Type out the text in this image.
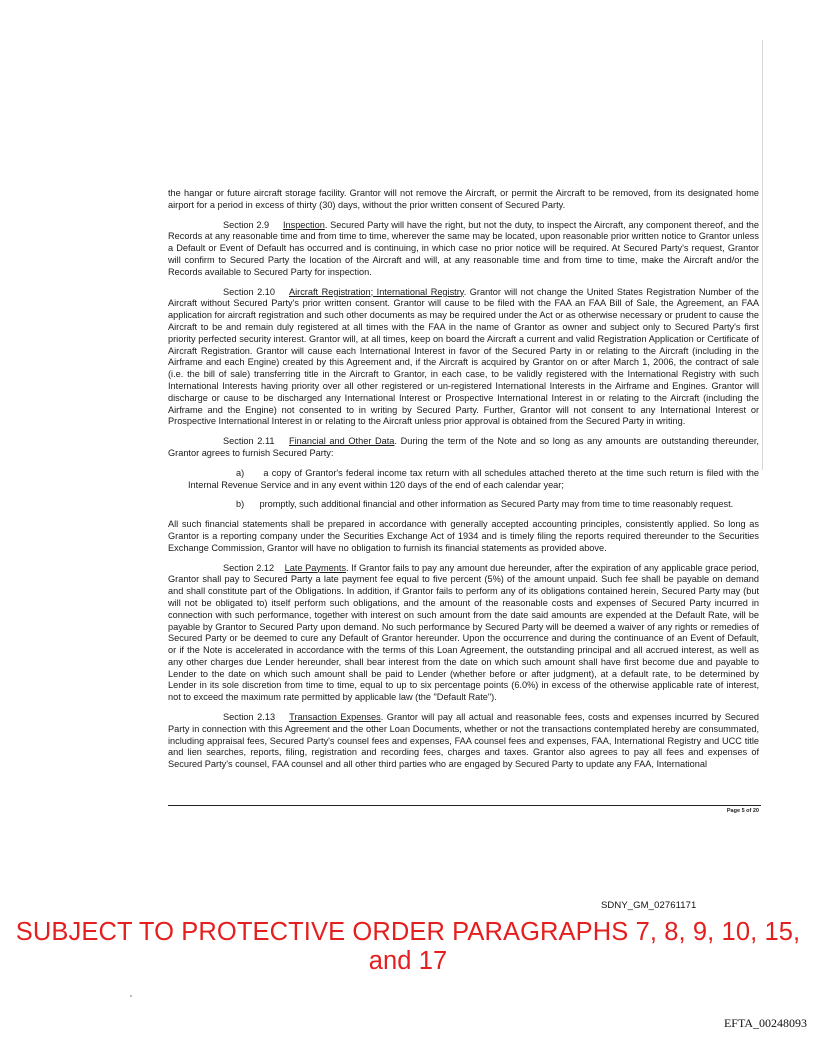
the hangar or future aircraft storage facility. Grantor will not remove the Aircraft, or permit the Aircraft to be removed, from its designated home airport for a period in excess of thirty (30) days, without the prior written consent of Secured Party.

Section 2.9 Inspection. Secured Party will have the right, but not the duty, to inspect the Aircraft, any component thereof, and the Records at any reasonable time and from time to time, wherever the same may be located, upon reasonable prior written notice to Grantor unless a Default or Event of Default has occurred and is continuing, in which case no prior notice will be required. At Secured Party's request, Grantor will confirm to Secured Party the location of the Aircraft and will, at any reasonable time and from time to time, make the Aircraft and/or the Records available to Secured Party for inspection.

Section 2.10 Aircraft Registration; International Registry. Grantor will not change the United States Registration Number of the Aircraft without Secured Party's prior written consent. Grantor will cause to be filed with the FAA an FAA Bill of Sale, the Agreement, an FAA application for aircraft registration and such other documents as may be required under the Act or as otherwise necessary or prudent to cause the Aircraft to be and remain duly registered at all times with the FAA in the name of Grantor as owner and subject only to Secured Party's first priority perfected security interest. Grantor will, at all times, keep on board the Aircraft a current and valid Registration Application or Certificate of Aircraft Registration. Grantor will cause each International Interest in favor of the Secured Party in or relating to the Aircraft (including in the Airframe and each Engine) created by this Agreement and, if the Aircraft is acquired by Grantor on or after March 1, 2006, the contract of sale (i.e. the bill of sale) transferring title in the Aircraft to Grantor, in each case, to be validly registered with the International Registry with such International Interests having priority over all other registered or un-registered International Interests in the Airframe and Engines. Grantor will discharge or cause to be discharged any International Interest or Prospective International Interest in or relating to the Aircraft (including the Airframe and the Engine) not consented to in writing by Secured Party. Further, Grantor will not consent to any International Interest or Prospective International Interest in or relating to the Aircraft unless prior approval is obtained from the Secured Party in writing.

Section 2.11 Financial and Other Data. During the term of the Note and so long as any amounts are outstanding thereunder, Grantor agrees to furnish Secured Party:

a) a copy of Grantor's federal income tax return with all schedules attached thereto at the time such return is filed with the Internal Revenue Service and in any event within 120 days of the end of each calendar year;

b) promptly, such additional financial and other information as Secured Party may from time to time reasonably request.

All such financial statements shall be prepared in accordance with generally accepted accounting principles, consistently applied. So long as Grantor is a reporting company under the Securities Exchange Act of 1934 and is timely filing the reports required thereunder to the Securities Exchange Commission, Grantor will have no obligation to furnish its financial statements as provided above.

Section 2.12 Late Payments. If Grantor fails to pay any amount due hereunder, after the expiration of any applicable grace period, Grantor shall pay to Secured Party a late payment fee equal to five percent (5%) of the amount unpaid. Such fee shall be payable on demand and shall constitute part of the Obligations. In addition, if Grantor fails to perform any of its obligations contained herein, Secured Party may (but will not be obligated to) itself perform such obligations, and the amount of the reasonable costs and expenses of Secured Party incurred in connection with such performance, together with interest on such amount from the date said amounts are expended at the Default Rate, will be payable by Grantor to Secured Party upon demand. No such performance by Secured Party will be deemed a waiver of any rights or remedies of Secured Party or be deemed to cure any Default of Grantor hereunder. Upon the occurrence and during the continuance of an Event of Default, or if the Note is accelerated in accordance with the terms of this Loan Agreement, the outstanding principal and all accrued interest, as well as any other charges due Lender hereunder, shall bear interest from the date on which such amount shall have first become due and payable to Lender to the date on which such amount shall be paid to Lender (whether before or after judgment), at a default rate, to be determined by Lender in its sole discretion from time to time, equal to up to six percentage points (6.0%) in excess of the otherwise applicable rate of interest, not to exceed the maximum rate permitted by applicable law (the "Default Rate").

Section 2.13 Transaction Expenses. Grantor will pay all actual and reasonable fees, costs and expenses incurred by Secured Party in connection with this Agreement and the other Loan Documents, whether or not the transactions contemplated hereby are consummated, including appraisal fees, Secured Party's counsel fees and expenses, FAA counsel fees and expenses, FAA, International Registry and UCC title and lien searches, reports, filing, registration and recording fees, charges and taxes. Grantor also agrees to pay all fees and expenses of Secured Party's counsel, FAA counsel and all other third parties who are engaged by Secured Party to update any FAA, International

Page 5 of 20
SDNY_GM_02761171
SUBJECT TO PROTECTIVE ORDER PARAGRAPHS 7, 8, 9, 10, 15, and 17
EFTA_00248093
